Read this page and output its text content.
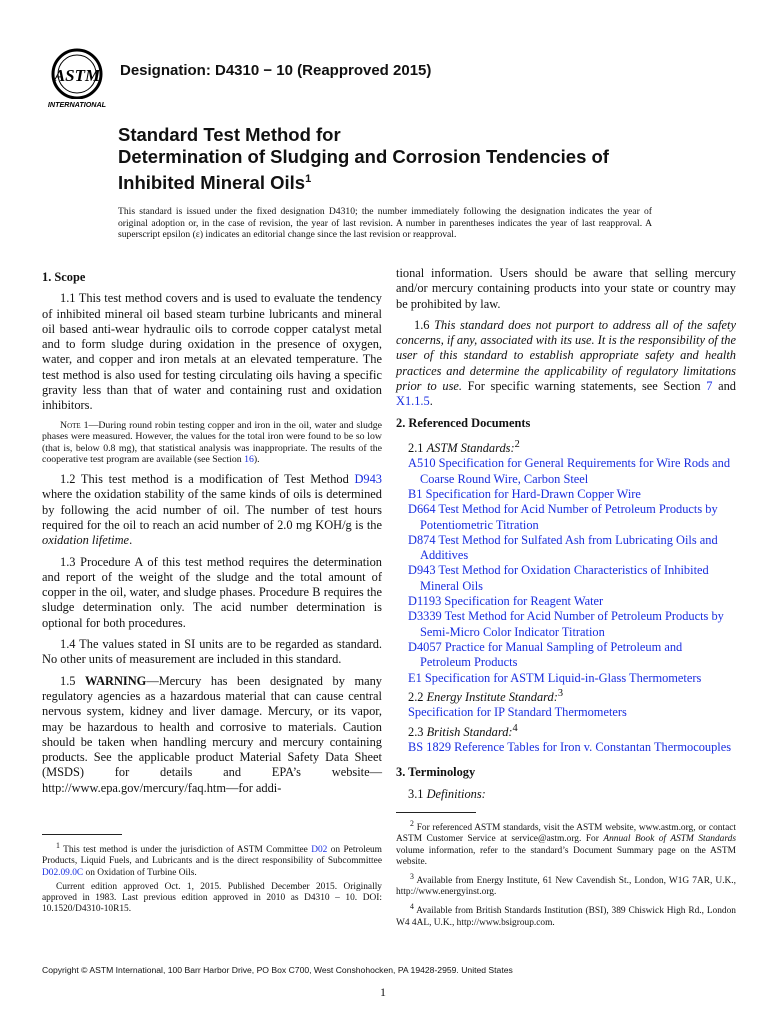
ASTM
INTERNATIONAL
Designation: D4310 − 10 (Reapproved 2015)
Standard Test Method for
Determination of Sludging and Corrosion Tendencies of
Inhibited Mineral Oils$^1$
This standard is issued under the fixed designation D4310; the number immediately following the designation indicates the year of original adoption or, in the case of revision, the year of last revision. A number in parentheses indicates the year of last reapproval. A superscript epsilon (ε) indicates an editorial change since the last revision or reapproval.
1. Scope

1.1 This test method covers and is used to evaluate the tendency of inhibited mineral oil based steam turbine lubricants and mineral oil based anti-wear hydraulic oils to corrode copper catalyst metal and to form sludge during oxidation in the presence of oxygen, water, and copper and iron metals at an elevated temperature. The test method is also used for testing circulating oils having a specific gravity less than that of water and containing rust and oxidation inhibitors.

Note 1—During round robin testing copper and iron in the oil, water and sludge phases were measured. However, the values for the total iron were found to be so low (that is, below 0.8 mg), that statistical analysis was inappropriate. The results of the cooperative test program are available (see Section 16).

1.2 This test method is a modification of Test Method D943 where the oxidation stability of the same kinds of oils is determined by following the acid number of oil. The number of test hours required for the oil to reach an acid number of 2.0 mg KOH/g is the oxidation lifetime.

1.3 Procedure A of this test method requires the determination and report of the weight of the sludge and the total amount of copper in the oil, water, and sludge phases. Procedure B requires the sludge determination only. The acid number determination is optional for both procedures.

1.4 The values stated in SI units are to be regarded as standard. No other units of measurement are included in this standard.

1.5 WARNING—Mercury has been designated by many regulatory agencies as a hazardous material that can cause central nervous system, kidney and liver damage. Mercury, or its vapor, may be hazardous to health and corrosive to materials. Caution should be taken when handling mercury and mercury containing products. See the applicable product Material Safety Data Sheet (MSDS) for details and EPA’s website—http://www.epa.gov/mercury/faq.htm—for addi-

tional information. Users should be aware that selling mercury and/or mercury containing products into your state or country may be prohibited by law.

1.6 This standard does not purport to address all of the safety concerns, if any, associated with its use. It is the responsibility of the user of this standard to establish appropriate safety and health practices and determine the applicability of regulatory limitations prior to use. For specific warning statements, see Section 7 and X1.1.5.

2. Referenced Documents
2.1 ASTM Standards:$^2$
A510 Specification for General Requirements for Wire Rods and Coarse Round Wire, Carbon Steel
B1 Specification for Hard-Drawn Copper Wire
D664 Test Method for Acid Number of Petroleum Products by Potentiometric Titration
D874 Test Method for Sulfated Ash from Lubricating Oils and Additives
D943 Test Method for Oxidation Characteristics of Inhibited Mineral Oils
D1193 Specification for Reagent Water
D3339 Test Method for Acid Number of Petroleum Products by Semi-Micro Color Indicator Titration
D4057 Practice for Manual Sampling of Petroleum and Petroleum Products
E1 Specification for ASTM Liquid-in-Glass Thermometers
2.2 Energy Institute Standard:$^3$
Specification for IP Standard Thermometers
2.3 British Standard:$^4$
BS 1829 Reference Tables for Iron v. Constantan Thermocouples
3. Terminology
3.1 Definitions:

$^1$ This test method is under the jurisdiction of ASTM Committee D02 on Petroleum Products, Liquid Fuels, and Lubricants and is the direct responsibility of Subcommittee D02.09.0C on Oxidation of Turbine Oils.

Current edition approved Oct. 1, 2015. Published December 2015. Originally approved in 1983. Last previous edition approved in 2010 as D4310 – 10. DOI: 10.1520/D4310-10R15.

$^2$ For referenced ASTM standards, visit the ASTM website, www.astm.org, or contact ASTM Customer Service at service@astm.org. For Annual Book of ASTM Standards volume information, refer to the standard’s Document Summary page on the ASTM website.

$^3$ Available from Energy Institute, 61 New Cavendish St., London, W1G 7AR, U.K., http://www.energyinst.org.

$^4$ Available from British Standards Institution (BSI), 389 Chiswick High Rd., London W4 4AL, U.K., http://www.bsigroup.com.

Copyright © ASTM International, 100 Barr Harbor Drive, PO Box C700, West Conshohocken, PA 19428-2959. United States
1
